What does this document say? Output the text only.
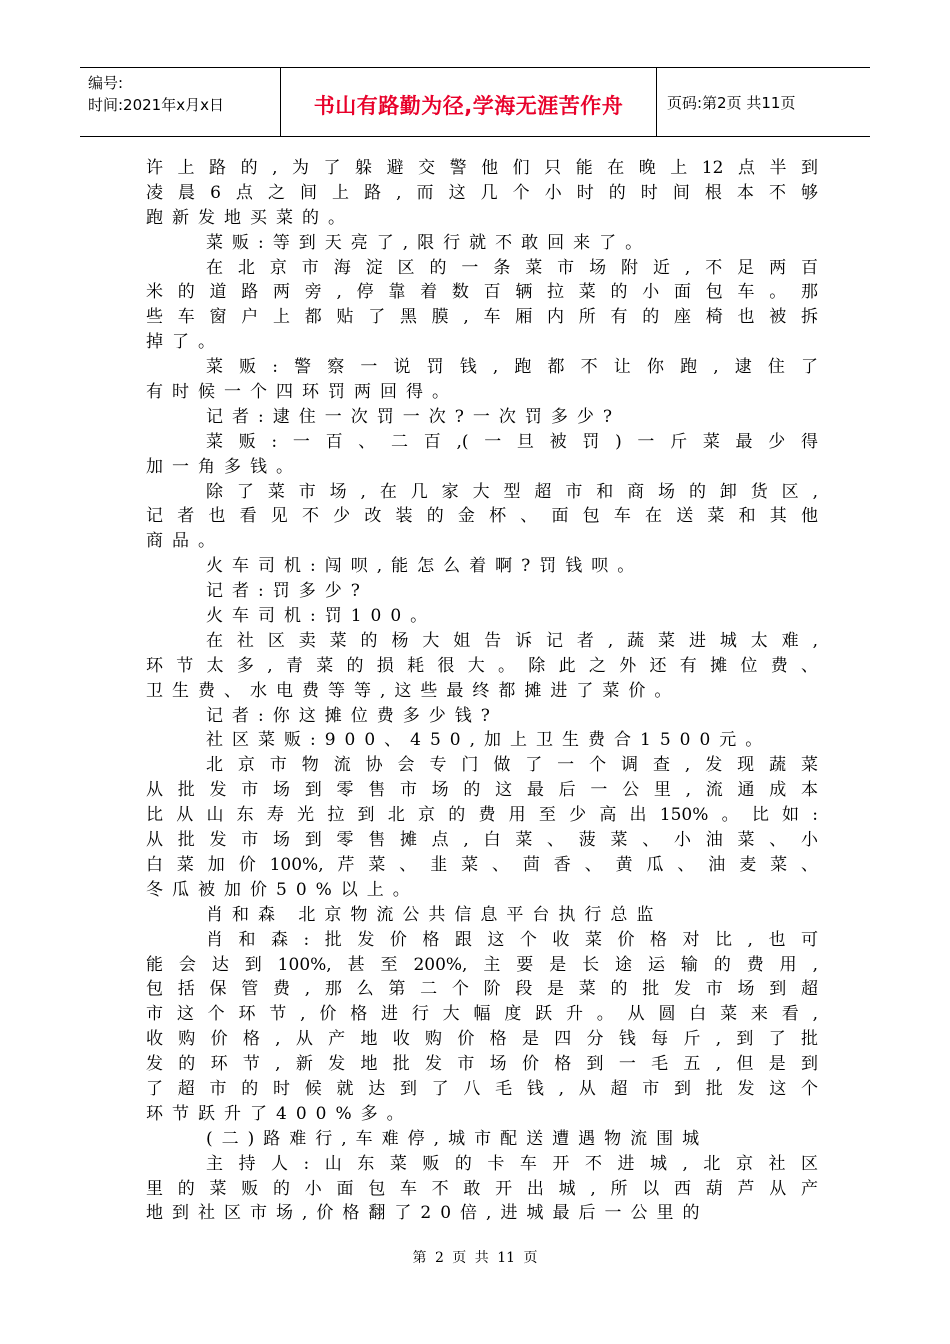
编号:
时间:2021年x月x日	书山有路勤为径,学海无涯苦作舟	页码:第2页 共11页
许上路的,为了躲避交警他们只能在晚上12点半到
凌晨6点之间上路,而这几个小时的时间根本不够
跑新发地买菜的。
菜贩:等到天亮了,限行就不敢回来了。
在北京市海淀区的一条菜市场附近,不足两百
米的道路两旁,停靠着数百辆拉菜的小面包车。那
些车窗户上都贴了黑膜,车厢内所有的座椅也被拆
掉了。
菜贩:警察一说罚钱,跑都不让你跑,逮住了
有时候一个四环罚两回得。
记者:逮住一次罚一次?一次罚多少?
菜贩:一百、二百,(一旦被罚)一斤菜最少得
加一角多钱。
除了菜市场,在几家大型超市和商场的卸货区,
记者也看见不少改装的金杯、面包车在送菜和其他
商品。
火车司机:闯呗,能怎么着啊?罚钱呗。
记者:罚多少?
火车司机:罚100。
在社区卖菜的杨大姐告诉记者,蔬菜进城太难,
环节太多,青菜的损耗很大。除此之外还有摊位费、
卫生费、水电费等等,这些最终都摊进了菜价。
记者:你这摊位费多少钱?
社区菜贩:900、450,加上卫生费合1500元。
北京市物流协会专门做了一个调查,发现蔬菜
从批发市场到零售市场的这最后一公里,流通成本
比从山东寿光拉到北京的费用至少高出150%。比如:
从批发市场到零售摊点,白菜、菠菜、小油菜、小
白菜加价100%,芹菜、韭菜、茴香、黄瓜、油麦菜、
冬瓜被加价50%以上。
肖和森 北京物流公共信息平台执行总监
肖和森:批发价格跟这个收菜价格对比,也可
能会达到100%,甚至200%,主要是长途运输的费用,
包括保管费,那么第二个阶段是菜的批发市场到超
市这个环节,价格进行大幅度跃升。从圆白菜来看,
收购价格,从产地收购价格是四分钱每斤,到了批
发的环节,新发地批发市场价格到一毛五,但是到
了超市的时候就达到了八毛钱,从超市到批发这个
环节跃升了400%多。
(二)路难行,车难停,城市配送遭遇物流围城
主持人:山东菜贩的卡车开不进城,北京社区
里的菜贩的小面包车不敢开出城,所以西葫芦从产
地到社区市场,价格翻了20倍,进城最后一公里的
第 2 页 共 11 页
